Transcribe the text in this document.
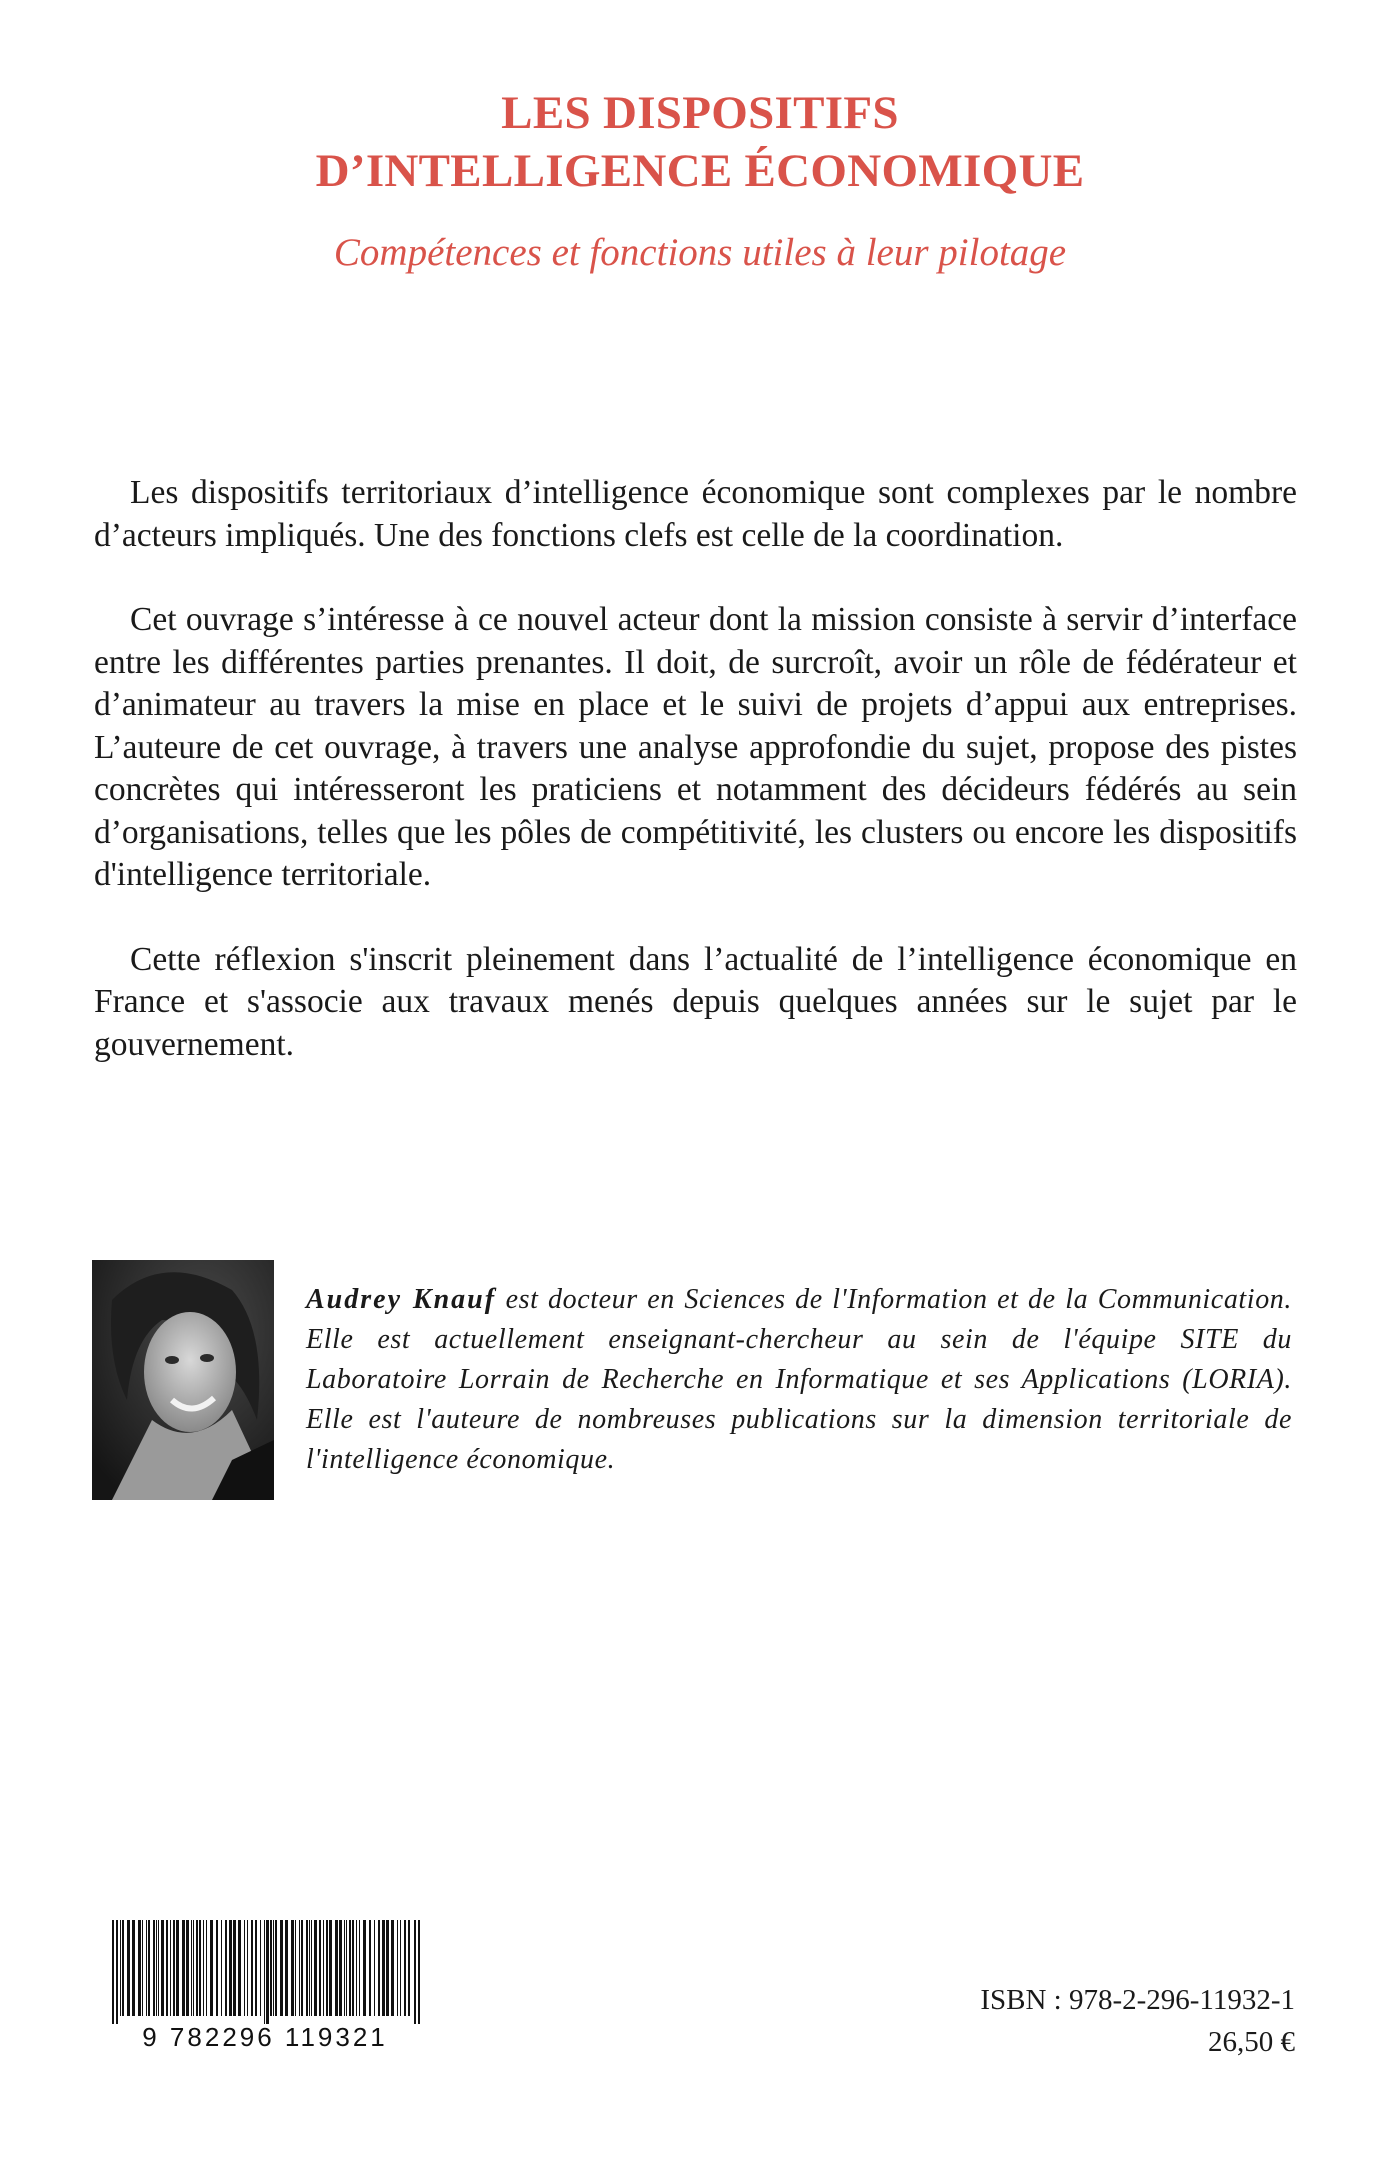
LES DISPOSITIFS
D’INTELLIGENCE ÉCONOMIQUE
Compétences et fonctions utiles à leur pilotage

Les dispositifs territoriaux d’intelligence économique sont complexes par le nombre d’acteurs impliqués. Une des fonctions clefs est celle de la coordination.

Cet ouvrage s’intéresse à ce nouvel acteur dont la mission consiste à servir d’interface entre les différentes parties prenantes. Il doit, de surcroît, avoir un rôle de fédérateur et d’animateur au travers la mise en place et le suivi de projets d’appui aux entreprises. L’auteure de cet ouvrage, à travers une analyse approfondie du sujet, propose des pistes concrètes qui intéresseront les praticiens et notamment des décideurs fédérés au sein d’organisations, telles que les pôles de compétitivité, les clusters ou encore les dispositifs d'intelligence territoriale.

Cette réflexion s'inscrit pleinement dans l’actualité de l’intelligence économique en France et s'associe aux travaux menés depuis quelques années sur le sujet par le gouvernement.

Audrey Knauf est docteur en Sciences de l'Information et de la Communication. Elle est actuellement enseignant-chercheur au sein de l'équipe SITE du Laboratoire Lorrain de Recherche en Informatique et ses Applications (LORIA). Elle est l'auteure de nombreuses publications sur la dimension territoriale de l'intelligence économique.
9 782296 119321
ISBN : 978-2-296-11932-1
26,50 €
